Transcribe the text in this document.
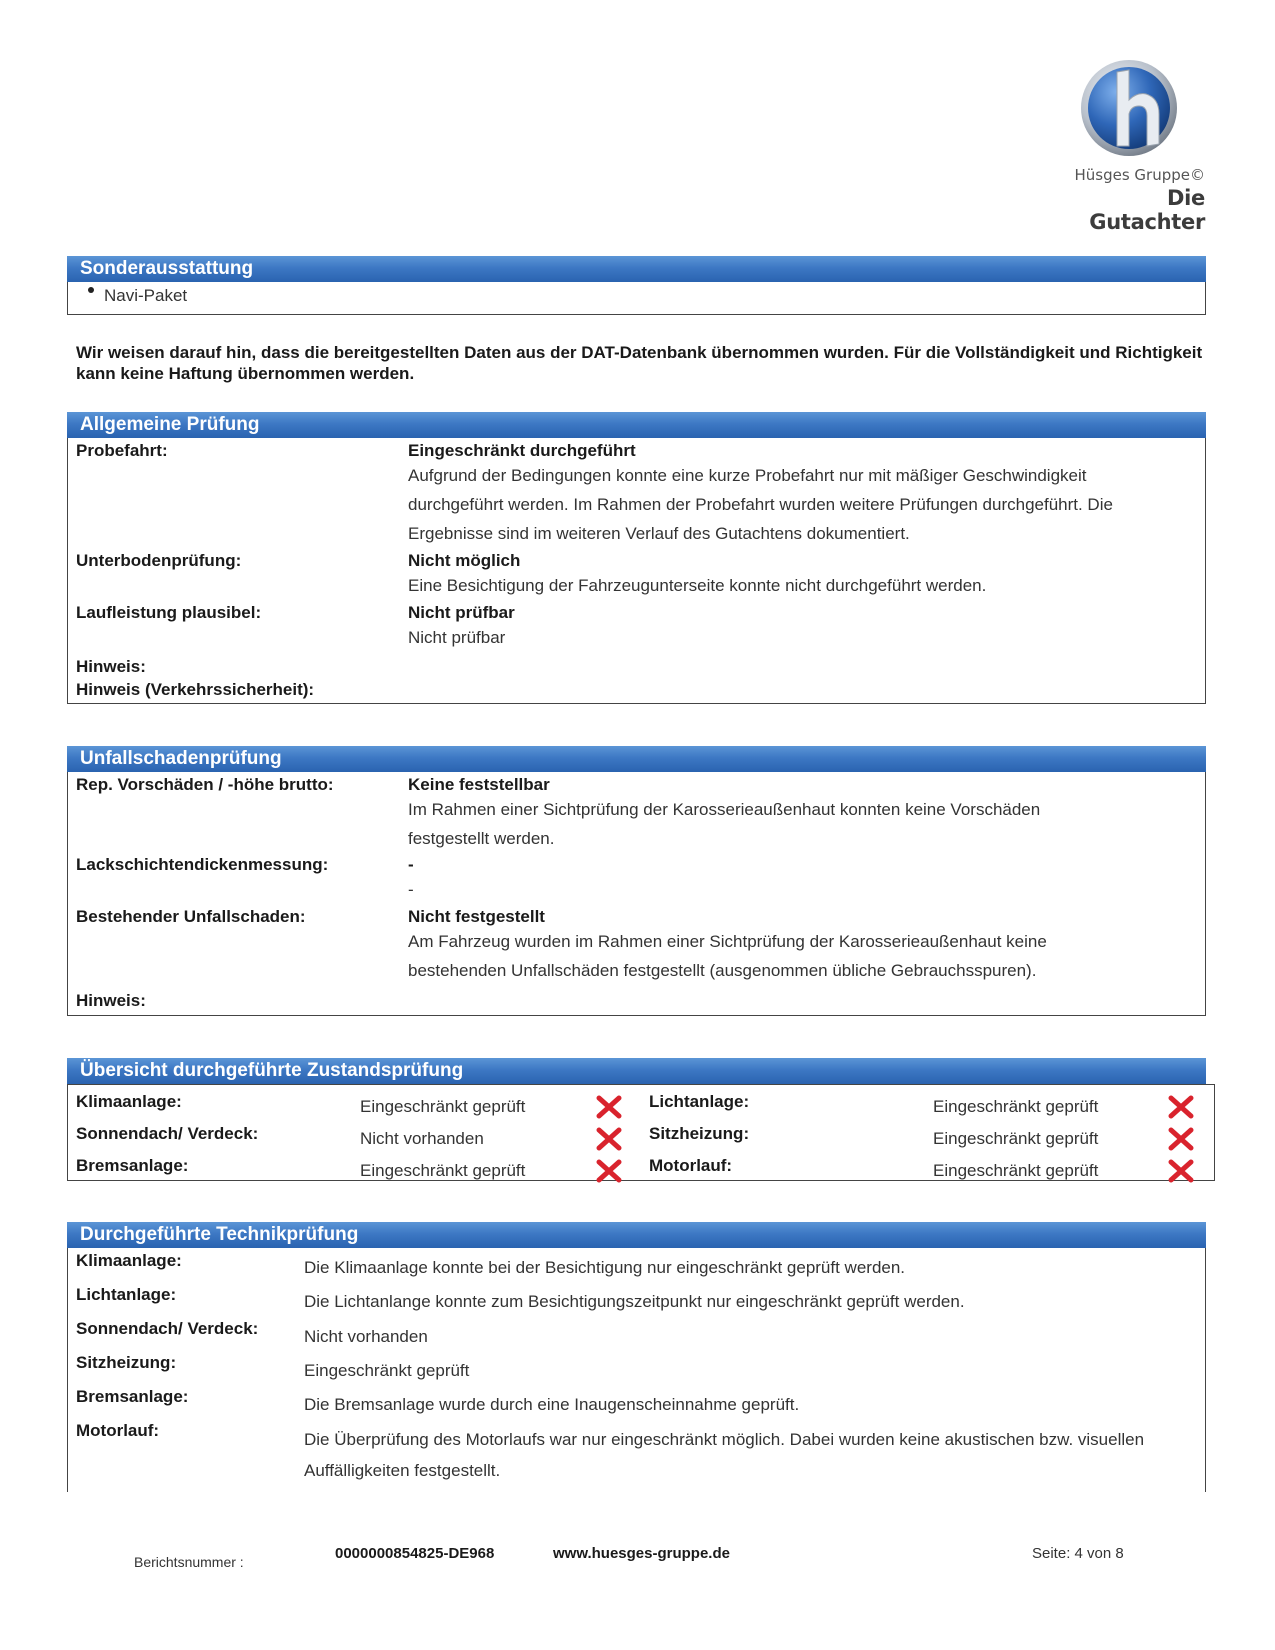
Hüsges Gruppe©
Die Gutachter
Sonderausstattung
Navi-Paket
Wir weisen darauf hin, dass die bereitgestellten Daten aus der DAT-Datenbank übernommen wurden. Für die Vollständigkeit und Richtigkeit kann keine Haftung übernommen werden.
Allgemeine Prüfung
Probefahrt:	Eingeschränkt durchgeführt
Aufgrund der Bedingungen konnte eine kurze Probefahrt nur mit mäßiger Geschwindigkeit durchgeführt werden. Im Rahmen der Probefahrt wurden weitere Prüfungen durchgeführt. Die Ergebnisse sind im weiteren Verlauf des Gutachtens dokumentiert.
Unterbodenprüfung:	Nicht möglich
Eine Besichtigung der Fahrzeugunterseite konnte nicht durchgeführt werden.
Laufleistung plausibel:	Nicht prüfbar
Nicht prüfbar
Hinweis:
Hinweis (Verkehrssicherheit):
Unfallschadenprüfung
Rep. Vorschäden / -höhe brutto:	Keine feststellbar
Im Rahmen einer Sichtprüfung der Karosserieaußenhaut konnten keine Vorschäden festgestellt werden.
Lackschichtendickenmessung:	-
-
Bestehender Unfallschaden:	Nicht festgestellt
Am Fahrzeug wurden im Rahmen einer Sichtprüfung der Karosserieaußenhaut keine bestehenden Unfallschäden festgestellt (ausgenommen übliche Gebrauchsspuren).
Hinweis:
Übersicht durchgeführte Zustandsprüfung
Klimaanlage:	Eingeschränkt geprüft
Sonnendach/ Verdeck:	Nicht vorhanden
Bremsanlage:	Eingeschränkt geprüft
Lichtanlage:	Eingeschränkt geprüft
Sitzheizung:	Eingeschränkt geprüft
Motorlauf:	Eingeschränkt geprüft
Durchgeführte Technikprüfung
Klimaanlage:	Die Klimaanlage konnte bei der Besichtigung nur eingeschränkt geprüft werden.
Lichtanlage:	Die Lichtanlange konnte zum Besichtigungszeitpunkt nur eingeschränkt geprüft werden.
Sonnendach/ Verdeck:	Nicht vorhanden
Sitzheizung:	Eingeschränkt geprüft
Bremsanlage:	Die Bremsanlage wurde durch eine Inaugenscheinnahme geprüft.
Motorlauf:	Die Überprüfung des Motorlaufs war nur eingeschränkt möglich. Dabei wurden keine akustischen bzw. visuellen Auffälligkeiten festgestellt.
Berichtsnummer :	0000000854825-DE968	www.huesges-gruppe.de	Seite: 4 von 8
